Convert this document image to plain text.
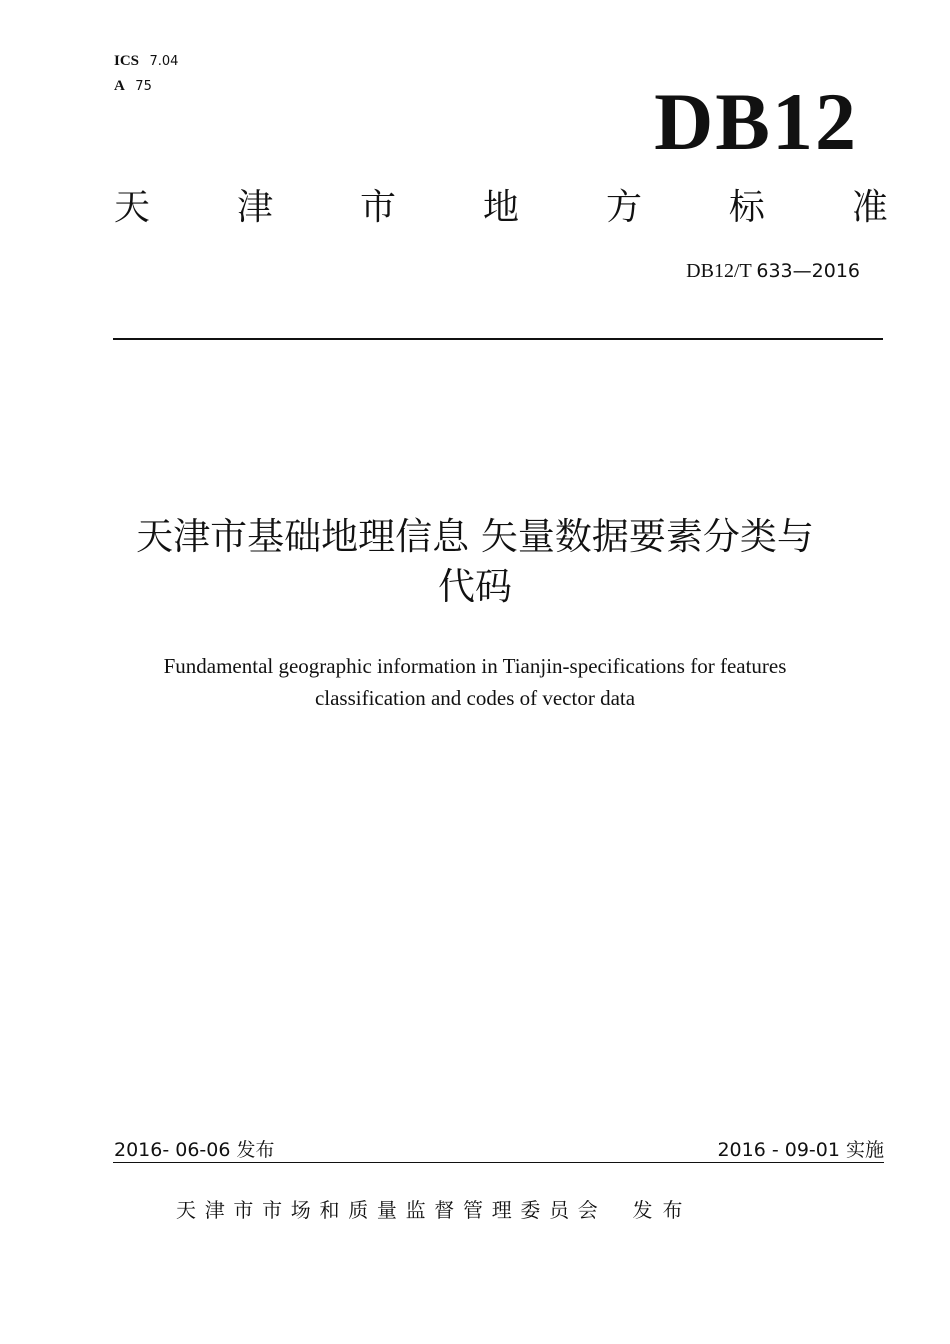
ICS 7.04
A 75	DB12
天 津 市 地 方 标 准
DB12/T 633—2016
天津市基础地理信息 矢量数据要素分类与
代码
Fundamental geographic information in Tianjin-specifications for features
classification and codes of vector data
2016- 06-06 发布	2016 - 09-01 实施
天津市市场和质量监督管理委员会 发布
